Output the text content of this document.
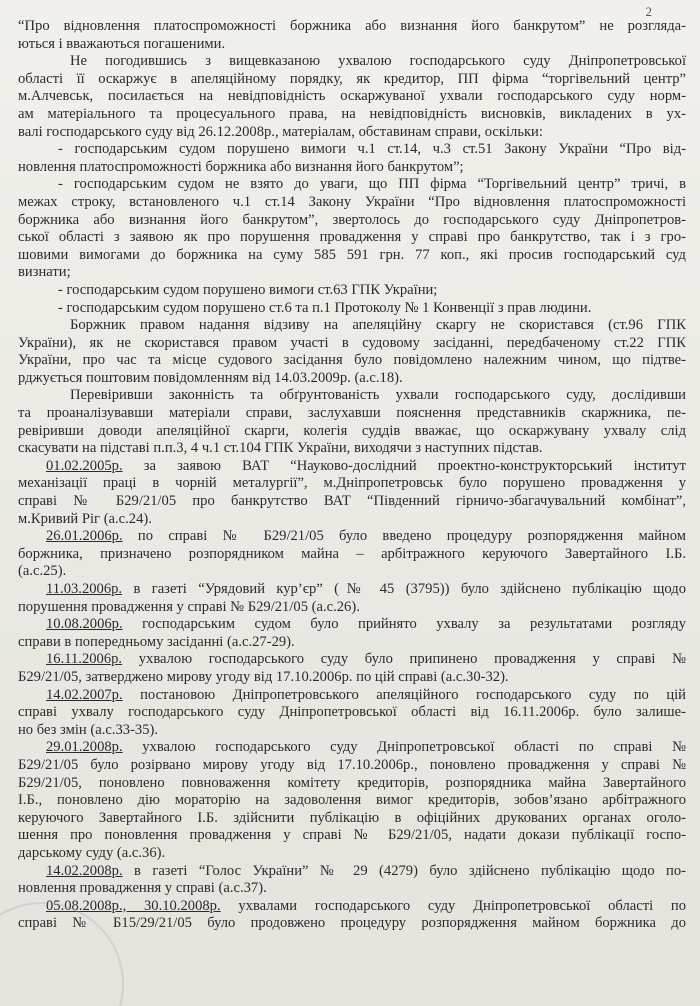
2
“Про відновлення платоспроможності боржника або визнання його банкрутом” не розгляда-
ються і вважаються погашеними.
Не погодившись з вищевказаною ухвалою господарського суду Дніпропетровської
області її оскаржує в апеляційному порядку, як кредитор, ПП фірма “торгівельний центр”
м.Алчевськ, посилається на невідповідність оскаржуваної ухвали господарського суду норм-
ам матеріального та процесуального права, на невідповідність висновків, викладених в ух-
валі господарського суду від 26.12.2008р., матеріалам, обставинам справи, оскільки:
- господарським судом порушено вимоги ч.1 ст.14, ч.3 ст.51 Закону України “Про від-
новлення платоспроможності боржника або визнання його банкрутом”;
- господарським судом не взято до уваги, що ПП фірма “Торгівельний центр” тричі, в
межах строку, встановленого ч.1 ст.14 Закону України “Про відновлення платоспроможності
боржника або визнання його банкрутом”, звертолось до господарського суду Дніпропетров-
ської області з заявою як про порушення провадження у справі про банкрутство, так і з гро-
шовими вимогами до боржника на суму 585 591 грн. 77 коп., які просив господарський суд
визнати;
- господарським судом порушено вимоги ст.63 ГПК України;
- господарським судом порушено ст.6 та п.1 Протоколу № 1 Конвенції з прав людини.
Боржник правом надання відзиву на апеляційну скаргу не скористався (ст.96 ГПК
України), як не скористався правом участі в судовому засіданні, передбаченому ст.22 ГПК
України, про час та місце судового засідання було повідомлено належним чином, що підтве-
рджується поштовим повідомленням від 14.03.2009р. (а.с.18).
Перевіривши законність та обґрунтованість ухвали господарського суду, дослідивши
та проаналізувавши матеріали справи, заслухавши пояснення представників скаржника, пе-
ревіривши доводи апеляційної скарги, колегія суддів вважає, що оскаржувану ухвалу слід
скасувати на підставі п.п.3, 4 ч.1 ст.104 ГПК України, виходячи з наступних підстав.
01.02.2005р. за заявою ВАТ “Науково-дослідний проектно-конструкторський інститут
механізації праці в чорній металургії”, м.Дніпропетровськ було порушено провадження у
справі № Б29/21/05 про банкрутство ВАТ “Південний гірничо-збагачувальний комбінат”,
м.Кривий Ріг (а.с.24).
26.01.2006р. по справі № Б29/21/05 було введено процедуру розпорядження майном
боржника, призначено розпорядником майна – арбітражного керуючого Завертайного І.Б.
(а.с.25).
11.03.2006р. в газеті “Урядовий кур’єр” (№ 45 (3795)) було здійснено публікацію щодо
порушення провадження у справі № Б29/21/05 (а.с.26).
10.08.2006р. господарським судом було прийнято ухвалу за результатами розгляду
справи в попередньому засіданні (а.с.27-29).
16.11.2006р. ухвалою господарського суду було припинено провадження у справі №
Б29/21/05, затверджено мирову угоду від 17.10.2006р. по цій справі (а.с.30-32).
14.02.2007р. постановою Дніпропетровського апеляційного господарського суду по цій
справі ухвалу господарського суду Дніпропетровської області від 16.11.2006р. було залише-
но без змін (а.с.33-35).
29.01.2008р. ухвалою господарського суду Дніпропетровської області по справі №
Б29/21/05 було розірвано мирову угоду від 17.10.2006р., поновлено провадження у справі №
Б29/21/05, поновлено повноваження комітету кредиторів, розпорядника майна Завертайного
І.Б., поновлено дію мораторію на задоволення вимог кредиторів, зобов’язано арбітражного
керуючого Завертайного І.Б. здійснити публікацію в офіційних друкованих органах оголо-
шення про поновлення провадження у справі № Б29/21/05, надати докази публікації госпо-
дарському суду (а.с.36).
14.02.2008р. в газеті “Голос України” № 29 (4279) було здійснено публікацію щодо по-
новлення провадження у справі (а.с.37).
05.08.2008р., 30.10.2008р. ухвалами господарського суду Дніпропетровської області по
справі № Б15/29/21/05 було продовжено процедуру розпорядження майном боржника до
